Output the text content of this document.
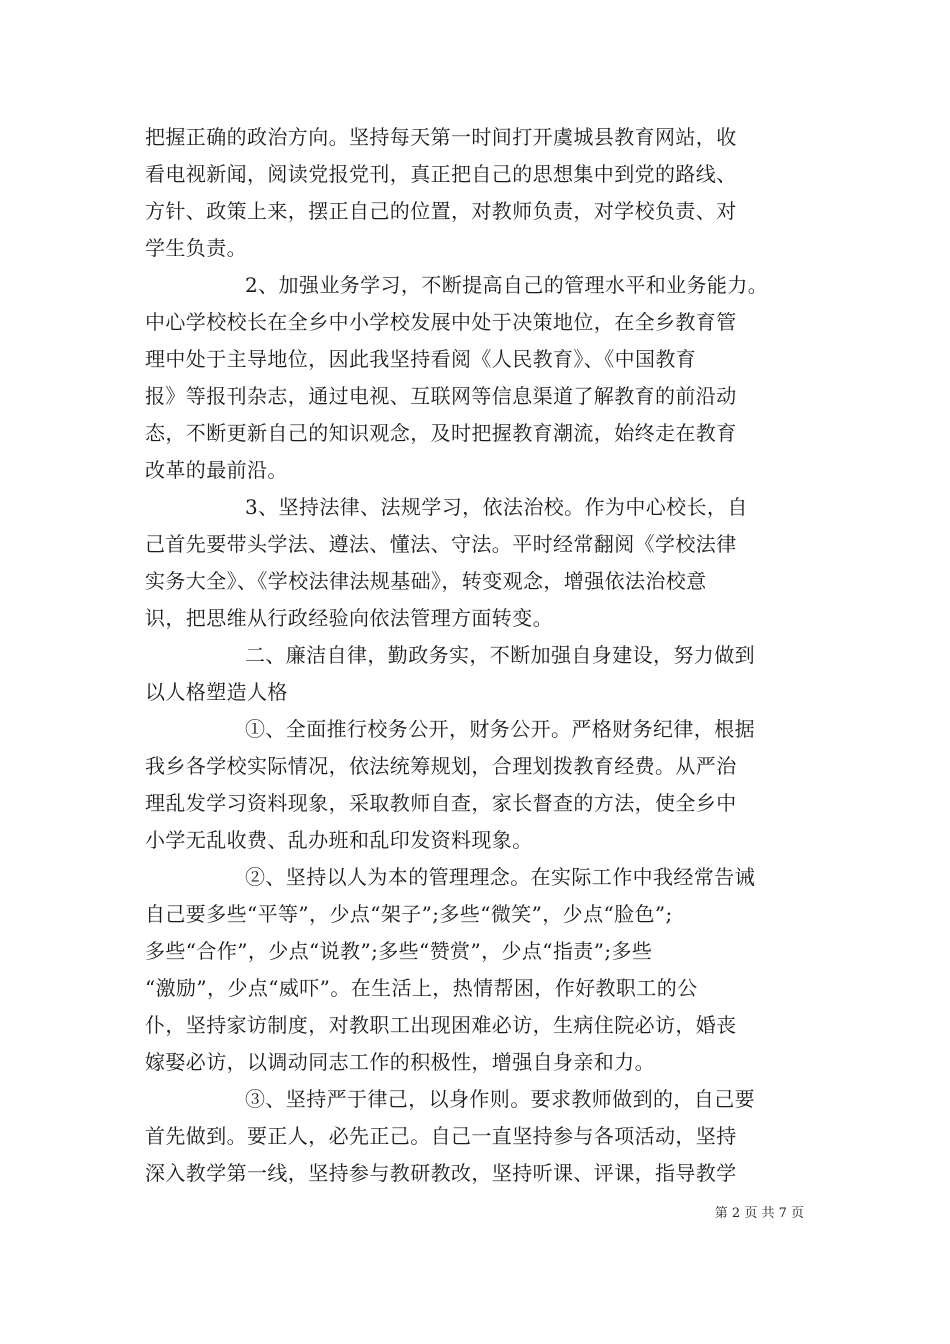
把握正确的政治方向。坚持每天第一时间打开虞城县教育网站，收
看电视新闻，阅读党报党刊，真正把自己的思想集中到党的路线、
方针、政策上来，摆正自己的位置，对教师负责，对学校负责、对
学生负责。
2、加强业务学习，不断提高自己的管理水平和业务能力。
中心学校校长在全乡中小学校发展中处于决策地位，在全乡教育管
理中处于主导地位，因此我坚持看阅《人民教育》、《中国教育
报》等报刊杂志，通过电视、互联网等信息渠道了解教育的前沿动
态，不断更新自己的知识观念，及时把握教育潮流，始终走在教育
改革的最前沿。
3、坚持法律、法规学习，依法治校。作为中心校长，自
己首先要带头学法、遵法、懂法、守法。平时经常翻阅《学校法律
实务大全》、《学校法律法规基础》，转变观念，增强依法治校意
识，把思维从行政经验向依法管理方面转变。
二、廉洁自律，勤政务实，不断加强自身建设，努力做到
以人格塑造人格
①、全面推行校务公开，财务公开。严格财务纪律，根据
我乡各学校实际情况，依法统筹规划，合理划拨教育经费。从严治
理乱发学习资料现象，采取教师自查，家长督查的方法，使全乡中
小学无乱收费、乱办班和乱印发资料现象。
②、坚持以人为本的管理理念。在实际工作中我经常告诫
自己要多些“平等”，少点“架子”;多些“微笑”，少点“脸色”;
多些“合作”，少点“说教”;多些“赞赏”，少点“指责”;多些
“激励”，少点“威吓”。在生活上，热情帮困，作好教职工的公
仆，坚持家访制度，对教职工出现困难必访，生病住院必访，婚丧
嫁娶必访，以调动同志工作的积极性，增强自身亲和力。
③、坚持严于律己，以身作则。要求教师做到的，自己要
首先做到。要正人，必先正己。自己一直坚持参与各项活动，坚持
深入教学第一线，坚持参与教研教改，坚持听课、评课，指导教学
第 2 页 共 7 页
